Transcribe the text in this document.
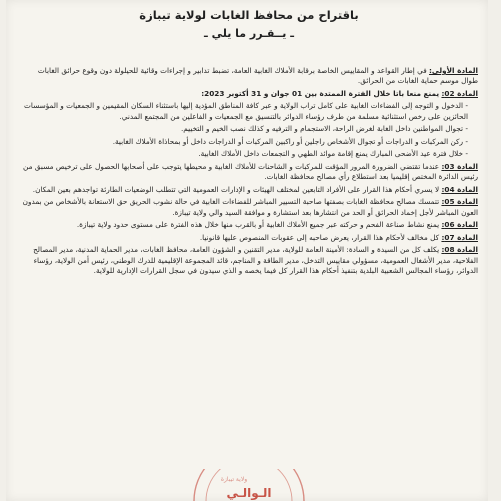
باقتراح من محافظ الغابات لولاية تيبازة
ـ يــقـرر ما يلي ـ

المادة الأولى: في إطار القواعد و المقاييس الخاصة برقابة الأملاك الغابية العامة، تضبط تدابير و إجراءات وقائية للحيلولة دون وقوع حرائق الغابات طوال موسم حماية الغابات من الحرائق.

المادة 02: يمنع منعا باتا خلال الفترة الممتدة بين 01 جوان و 31 أكتوبر 2023:

- الدخول و التوجه إلى الفضاءات الغابية على كامل تراب الولاية و عبر كافة المناطق المؤدية إليها باستثناء السكان المقيمين و الجمعيات و المؤسسات الحائزين على رخص استثنائية مسلمة من طرف رؤساء الدوائر بالتنسيق مع الجمعيات و الفاعلين من المجتمع المدني.

- تجوال المواطنين داخل الغابة لغرض الراحة، الاستجمام و الترفيه و كذلك نصب الخيم و التخييم.

- ركن المركبات و الدراجات أو تجوال الأشخاص راجلين أو راكبين المركبات أو الدراجات داخل أو بمحاذاة الأملاك الغابية.

- خلال فترة عيد الأضحى المبارك يمنع إقامة موائد الطهي و التجمعات داخل الأملاك الغابية.

المادة 03: عندما تقتضي الضرورة المرور المؤقت للمركبات و الشاحنات للأملاك الغابية و محيطها يتوجب على أصحابها الحصول على ترخيص مسبق من رئيس الدائرة المختص إقليميا بعد استطلاع رأي مصالح محافظة الغابات.

المادة 04: لا يسري أحكام هذا القرار على الأفراد التابعين لمختلف الهيئات و الإدارات العمومية التي تتطلب الوضعيات الطارئة تواجدهم بعين المكان.

المادة 05: تتمسك مصالح محافظة الغابات بصفتها صاحبة التسيير المباشر للفضاءات الغابية في حالة نشوب الحريق حق الاستعانة بالأشخاص من بمدون العون المباشر لأجل إخماد الحرائق أو الحد من انتشارها بعد استشارة و موافقة السيد والي ولاية تيبازة.

المادة 06: يمنع نشاط صناعة الفحم و حركته عبر جميع الأملاك الغابية أو بالقرب منها خلال هذه الفترة على مستوى حدود ولاية تيبازة.

المادة 07: كل مخالف لأحكام هذا القرار، يعرض صاحبه إلى عقوبات المنصوص عليها قانونيا.

المادة 08: يكلف كل من السيدة و السادة: الأمينة العامة للولاية، مدير التقنين و الشؤون العامة، محافظ الغابات، مدير الحماية المدنية، مدير المصالح الفلاحية، مدير الأشغال العمومية، مسؤولي مقاييس التدخل، مدير الطاقة و المناجم، قائد المجموعة الإقليمية للدرك الوطني، رئيس أمن الولاية، رؤساء الدوائر، رؤساء المجالس الشعبية البلدية بتنفيذ أحكام هذا القرار كل فيما يخصه و الذي سيدون في سجل القرارات الإدارية للولاية.

الـوالـي
ولاية تيبازة
